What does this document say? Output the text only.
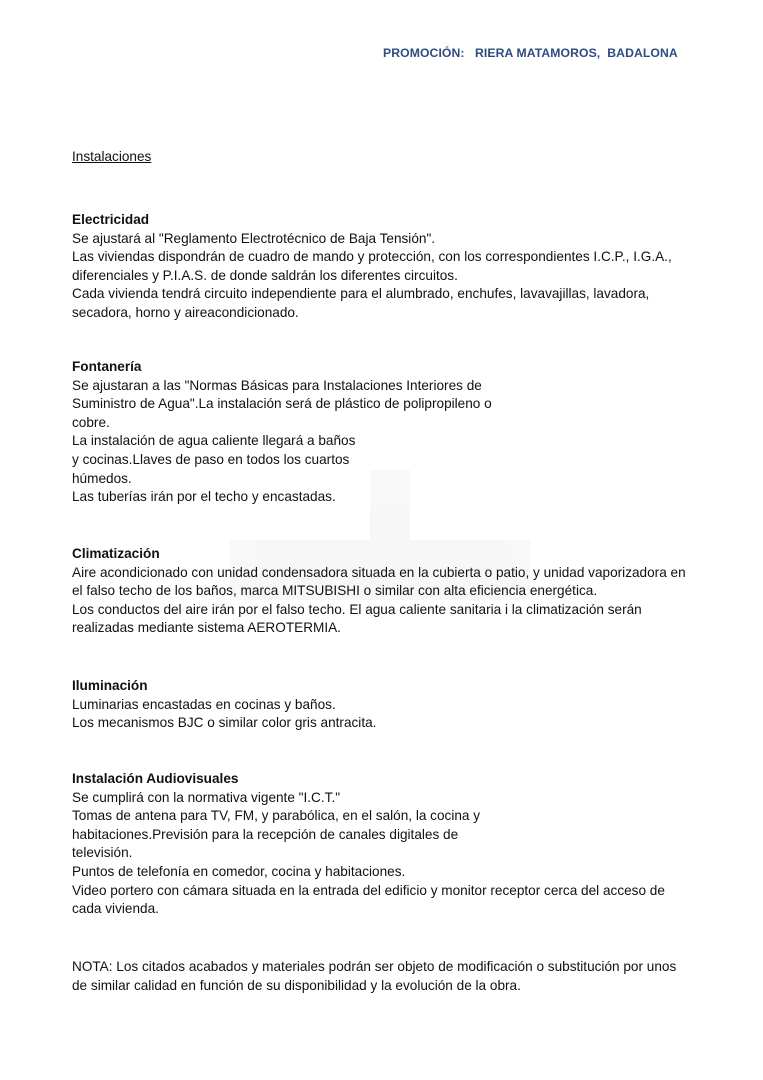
PROMOCIÓN:   RIERA MATAMOROS,  BADALONA
Instalaciones
Electricidad
Se ajustará al "Reglamento Electrotécnico de Baja Tensión".
Las viviendas dispondrán de cuadro de mando y protección, con los correspondientes I.C.P., I.G.A.,
diferenciales y P.I.A.S. de donde saldrán los diferentes circuitos.
Cada vivienda tendrá circuito independiente para el alumbrado, enchufes, lavavajillas, lavadora,
secadora, horno y aireacondicionado.
Fontanería
Se ajustaran a las "Normas Básicas para Instalaciones Interiores de
Suministro de Agua".La instalación será de plástico de polipropileno o
cobre.
La instalación de agua caliente llegará a baños
y cocinas.Llaves de paso en todos los cuartos
húmedos.
Las tuberías irán por el techo y encastadas.
Climatización
Aire acondicionado con unidad condensadora situada en la cubierta o patio, y unidad vaporizadora en
el falso techo de los baños, marca MITSUBISHI o similar con alta eficiencia energética.
Los conductos del aire irán por el falso techo. El agua caliente sanitaria i la climatización serán
realizadas mediante sistema AEROTERMIA.
Iluminación
Luminarias encastadas en cocinas y baños.
Los mecanismos BJC o similar color gris antracita.
Instalación Audiovisuales
Se cumplirá con la normativa vigente "I.C.T."
Tomas de antena para TV, FM, y parabólica, en el salón, la cocina y
habitaciones.Previsión para la recepción de canales digitales de
televisión.
Puntos de telefonía en comedor, cocina y habitaciones.
Video portero con cámara situada en la entrada del edificio y monitor receptor cerca del acceso de
cada vivienda.
NOTA: Los citados acabados y materiales podrán ser objeto de modificación o substitución por unos
de similar calidad en función de su disponibilidad y la evolución de la obra.
